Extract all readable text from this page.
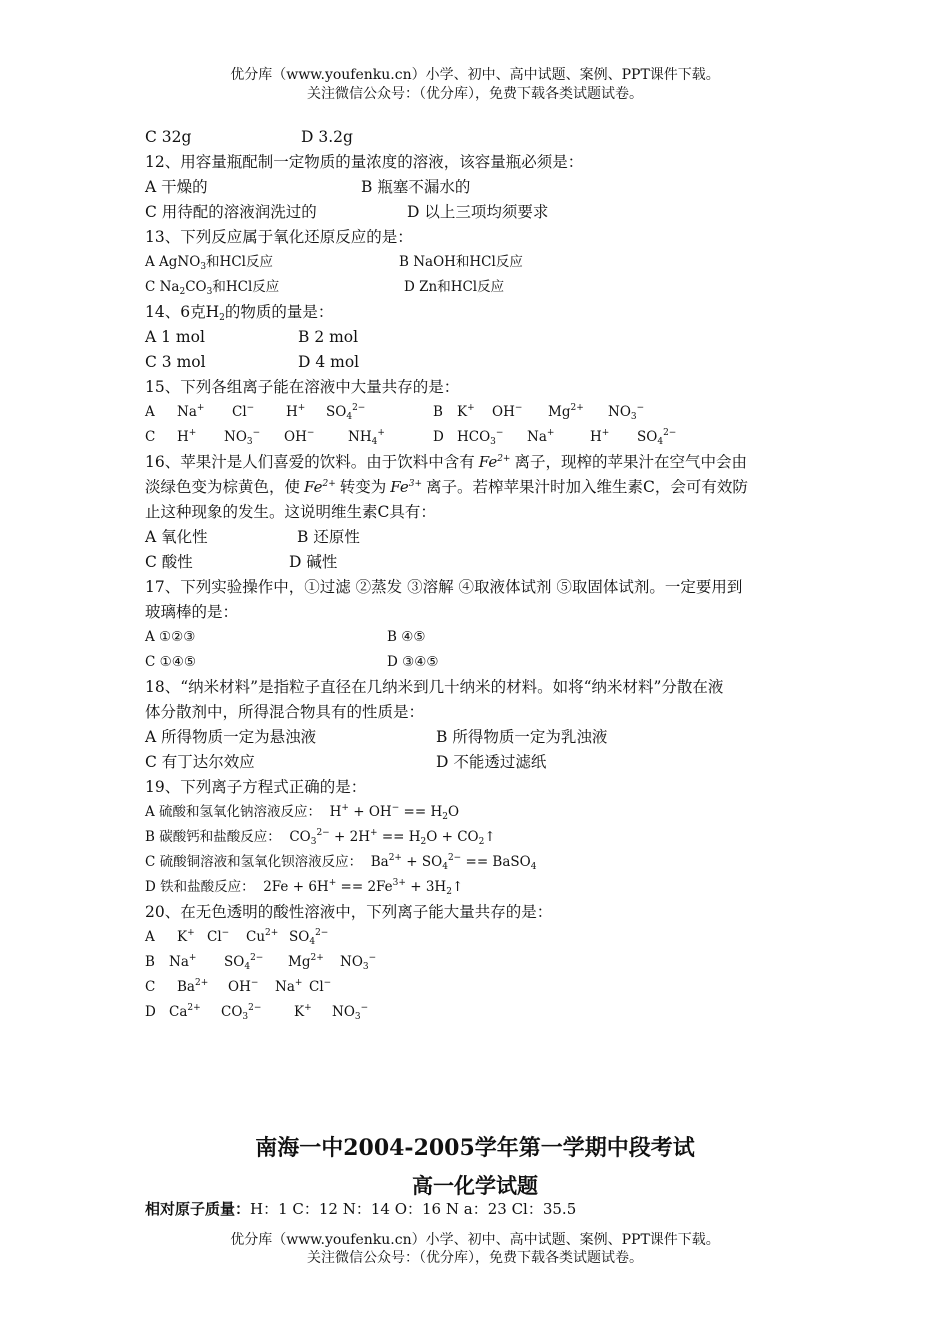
优分库（www.youfenku.cn）小学、初中、高中试题、案例、PPT课件下载。
关注微信公众号：（优分库），免费下载各类试题试卷。
C 32g	D 3.2g
12、用容量瓶配制一定物质的量浓度的溶液，该容量瓶必须是：
A 干燥的	B 瓶塞不漏水的
C 用待配的溶液润洗过的	D 以上三项均须要求
13、下列反应属于氧化还原反应的是：
A AgNO$_3$和HCl反应	B NaOH和HCl反应
C $Na_2CO_3$和HCl反应	D Zn和HCl反应
14、6克$H_2$的物质的量是：
A 1 mol	B 2 mol
C 3 mol	D 4 mol
15、下列各组离子能在溶液中大量共存的是：
A Na+ Cl− H+ $SO_4^{2-}$	B K+ OH− $Mg^{2+}$ $NO_3^-$
C H+ $NO_3^-$ OH− $NH_4^+$	D $HCO_3^-$ Na+	H+ $SO_4^{2-}$
16、苹果汁是人们喜爱的饮料。由于饮料中含有 $Fe^{2+}$ 离子，现榨的苹果汁在空气中会由
淡绿色变为棕黄色，使 $Fe^{2+}$ 转变为 $Fe^{3+}$ 离子。若榨苹果汁时加入维生素C，会可有效防
止这种现象的发生。这说明维生素C具有：
A 氧化性	B 还原性
C 酸性	D 碱性
17、下列实验操作中，①过滤 ②蒸发 ③溶解 ④取液体试剂 ⑤取固体试剂。一定要用到
玻璃棒的是：
A ①②③	B ④⑤
C ①④⑤	D ③④⑤
18、“纳米材料”是指粒子直径在几纳米到几十纳米的材料。如将“纳米材料”分散在液
体分散剂中，所得混合物具有的性质是：
A 所得物质一定为悬浊液	B 所得物质一定为乳浊液
C 有丁达尔效应	D 不能透过滤纸
19、下列离子方程式正确的是：
A 硫酸和氢氧化钠溶液反应： $H^+ + OH^- == H_2O$
B 碳酸钙和盐酸反应： $CO_3^{2-} + 2H^+ == H_2O$ + $CO_2↑$
C 硫酸铜溶液和氢氧化钡溶液反应： $Ba^{2+} + SO_4^{2-}$ == BaSO$_4$
D 铁和盐酸反应： $2Fe + 6H^+ == 2Fe^{3+}$ + $3H_2↑$
20、在无色透明的酸性溶液中，下列离子能大量共存的是：
A K+ Cl− $Cu^{2+}$ $SO_4^{2-}$
B Na+ $SO_4^{2-}$ $Mg^{2+}$ $NO_3^-$
C $Ba^{2+}$ OH− Na+ Cl−
D $Ca^{2+}$ $CO_3^{2-}$ K+ $NO_3^-$
南海一中2004-2005学年第一学期中段考试
高一化学试题
相对原子质量：H：1 C：12 N：14 O：16 N a：23 Cl：35.5
优分库（www.youfenku.cn）小学、初中、高中试题、案例、PPT课件下载。
关注微信公众号：（优分库），免费下载各类试题试卷。
